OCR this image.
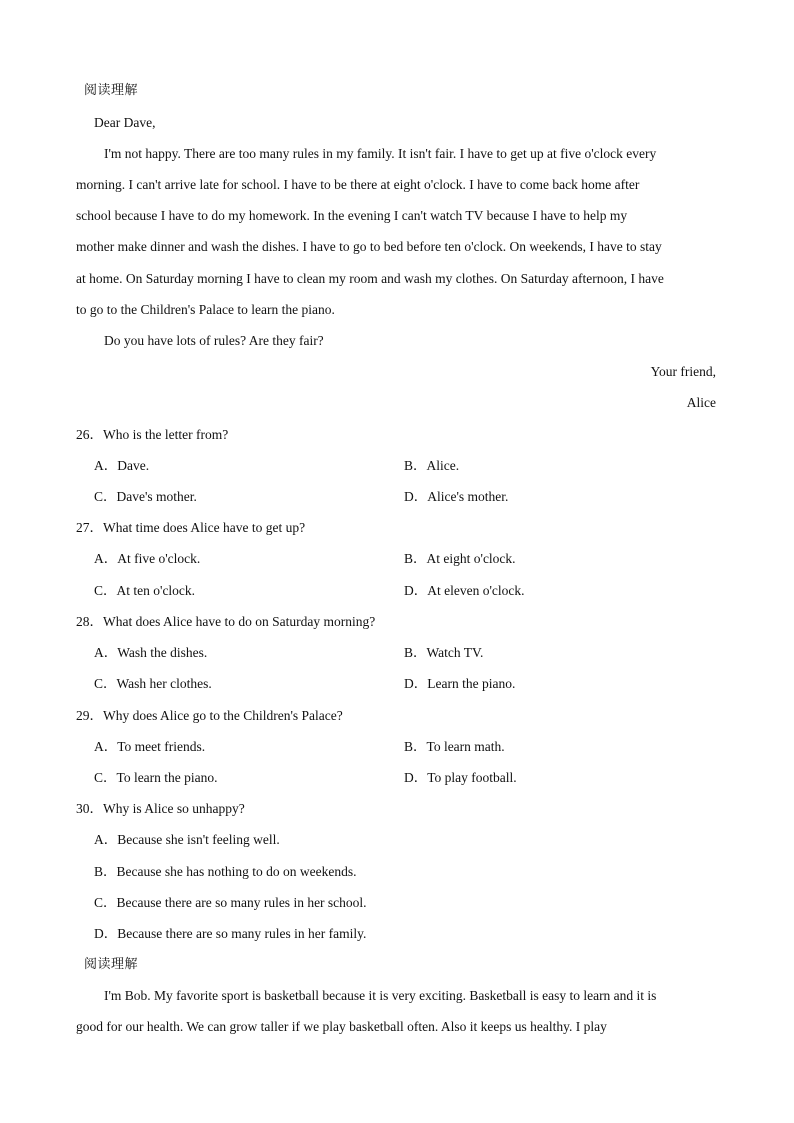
阅读理解
Dear Dave,
I'm not happy. There are too many rules in my family. It isn't fair. I have to get up at five o'clock every
morning. I can't arrive late for school. I have to be there at eight o'clock. I have to come back home after
school because I have to do my homework. In the evening I can't watch TV because I have to help my
mother make dinner and wash the dishes. I have to go to bed before ten o'clock. On weekends, I have to stay
at home. On Saturday morning I have to clean my room and wash my clothes. On Saturday afternoon, I have
to go to the Children's Palace to learn the piano.
Do you have lots of rules? Are they fair?
Your friend,
Alice
26．Who is the letter from?
A．Dave.	B．Alice.
C．Dave's mother.	D．Alice's mother.
27．What time does Alice have to get up?
A．At five o'clock.	B．At eight o'clock.
C．At ten o'clock.	D．At eleven o'clock.
28．What does Alice have to do on Saturday morning?
A．Wash the dishes.	B．Watch TV.
C．Wash her clothes.	D．Learn the piano.
29．Why does Alice go to the Children's Palace?
A．To meet friends.	B．To learn math.
C．To learn the piano.	D．To play football.
30．Why is Alice so unhappy?
A．Because she isn't feeling well.
B．Because she has nothing to do on weekends.
C．Because there are so many rules in her school.
D．Because there are so many rules in her family.
阅读理解
I'm Bob. My favorite sport is basketball because it is very exciting. Basketball is easy to learn and it is
good for our health. We can grow taller if we play basketball often. Also it keeps us healthy. I play
